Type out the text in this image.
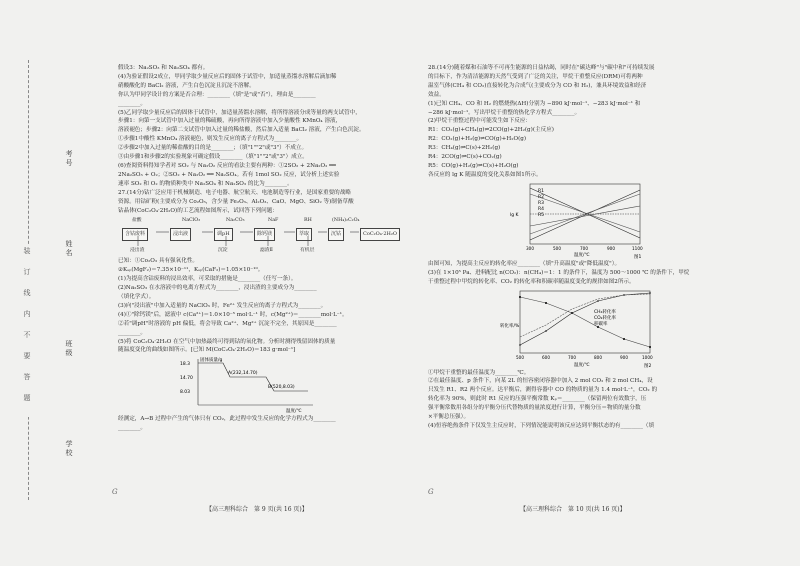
考号
姓名
班级
学校
装订线内不要答题
假设3：Na₂SO₃ 和 Na₂SO₄ 都有。
(4)为验证假设2成立，甲同学取少量反应后的固体于试管中，加适量蒸馏水溶解后滴加稀
硝酸酸化的 BaCl₂ 溶液，产生白色沉淀且沉淀不溶解。
你认为甲同学设计的方案是否合理：________（填"是"或"否"），理由是________
________。
(5)乙同学取少量反应后的固体于试管中，加适量蒸馏水溶解，将所得溶液分成等量的两支试管中，
步骤1：向第一支试管中加入过量的稀硫酸，再向所得溶液中加入少量酸性 KMnO₄ 溶液，
溶液褪色；步骤2：向第二支试管中加入过量的稀盐酸，然后加入适量 BaCl₂ 溶液，产生白色沉淀。
①步骤1中酸性 KMnO₄ 溶液褪色，则发生反应的离子方程式为________。
②步骤2中加入过量的稀盐酸的目的是________；（填"1""2"或"3"）不成立。
③由步骤1和步骤2的实验现象可确定假设________（填"1""2"或"3"）成立。
(6)查阅资料得知学者对 SO₂ 与 Na₂O₂ 反应的看法主要有两种：①2SO₂ + 2Na₂O₂ ══
2Na₂SO₃ + O₂；②SO₂ + Na₂O₂ ══ Na₂SO₄。若有 1mol SO₂ 反应，试分析上述实验
速率 SO₂ 和 O₂ 的物质种类中 Na₂SO₄ 和 Na₂SO₃ 的比为________。
27.(14分)钴广泛应用于机械制造、电子电器、航空航天、电池制造等行业，是国家重要的战略
资源。用钴矿粉(主要成分为 Co₂O₃，含少量 Fe₂O₃、Al₂O₃、CaO、MgO、SiO₂ 等)制备草酸
钴晶体(CoC₂O₄·2H₂O)的工艺流程如图所示，试回答下列问题：
盐酸	NaClO₃	Na₂CO₃	NaF	RH	(NH₄)₂C₂O₄
含钴废料	浸出液	调pH	除钙镁	萃取	沉钴	CoC₂O₄·2H₂O
浸出渣	沉淀	滤渣Ⅱ	有机层
已知：①Co₂O₃ 具有强氧化性。
②Kₛₚ(MgF₂)＝7.35×10⁻¹¹，Kₛₚ(CaF₂)＝1.05×10⁻¹⁰。
(1)为提高含钴废料的浸出效率，可采取的措施是________（任写一条）。
(2)Na₂SO₃ 在水溶液中的电离方程式为________，浸出渣的主要成分为________
（填化学式）。
(3)向"浸出液"中加入适量的 NaClO₃ 时，Fe²⁺ 发生反应的离子方程式为________。
(4)①"除钙镁"后，滤液中 c(Ca²⁺)＝1.0×10⁻⁵ mol·L⁻¹ 时，c(Mg²⁺)＝________mol·L⁻¹。
②若"调pH"时溶液的 pH 偏低，将会导致 Ca²⁺、Mg²⁺ 沉淀不完全，其原因是________
________。
(5)将 CoC₂O₄·2H₂O 在空气中加热最终可得到钴的氧化物。分析时测得残留固体的质量
随温度变化的曲线如图所示。[已知 M(CoC₂O₄·2H₂O)＝183 g·mol⁻¹]
18.3
14.70
8.03
A(232,14.70)
B(520,8.03)
固体质量/g
温度/℃
经测定，A→B 过程中产生的气体只有 CO₂，此过程中发生反应的化学方程式为________
________。
28.(14分)随着煤和石油等不可再生能源的日益枯竭，同时在"碳达峰"与"碳中和"可持续发展
的目标下，作为清洁能源的天然气受到了广泛的关注，甲烷干重整反应(DRM)可将两种
温室气体(CH₄ 和 CO₂)直接转化为合成气(主要成分为 CO 和 H₂)，兼具环境效益和经济
效益。
(1)已知 CH₄、CO 和 H₂ 的燃烧热(ΔH)分别为 −890 kJ·mol⁻¹、−283 kJ·mol⁻¹ 和
−286 kJ·mol⁻¹。写出甲烷干重整的热化学方程式________。
(2)甲烷干重整过程中可能发生如下反应：
R1：CO₂(g)+CH₄(g)⇌2CO(g)+2H₂(g)(主反应)
R2：CO₂(g)+H₂(g)⇌CO(g)+H₂O(g)
R3：CH₄(g)⇌C(s)+2H₂(g)
R4：2CO(g)⇌C(s)+CO₂(g)
R5：CO(g)+H₂(g)⇌C(s)+H₂O(g)
各反应的 lg K 随温度的变化关系如图1所示。
R1
R2
R3
R4
R5
lg K
300	500	700	900	1100
温度/℃	图1
由图可知，为提高主反应的转化率应________（填"升高温度"或"降低温度"）。
(3)在 1×10⁵ Pa、进料配比 n(CO₂)：n(CH₄)＝1：1 的条件下，温度为 500～1000 ℃ 的条件下，甲烷
干重整过程中甲烷的转化率、CO₂ 的转化率和积碳率随温度变化的规律如图2所示。
CH₄转化率
CO₂转化率
积碳率
转化率/%
500	600	700	800	900	1000
温度/℃	图2
①甲烷干重整的最佳温度为________℃。
②在最佳温度、p 条件下，向某 2L 的恒容密闭容器中加入 2 mol CO₂ 和 2 mol CH₄，设
只发生 R1、R2 两个反应。达平衡后，测得容器中 CO 的物质的量为 1.4 mol·L⁻¹，CO₂ 的
转化率为 90%，则此时 R1 反应的压强平衡常数 Kₚ＝________（保留两位有效数字，压
强平衡常数用各组分的平衡分压代替物质的量浓度进行计算，平衡分压＝物质的量分数
×平衡总压强）。
(4)恒容绝热条件下仅发生主反应时，下列情况能说明该反应达到平衡状态的有________（填
G	G
【高三理科综合　第 9 页(共 16 页)】	【高三理科综合　第 10 页(共 16 页)】
